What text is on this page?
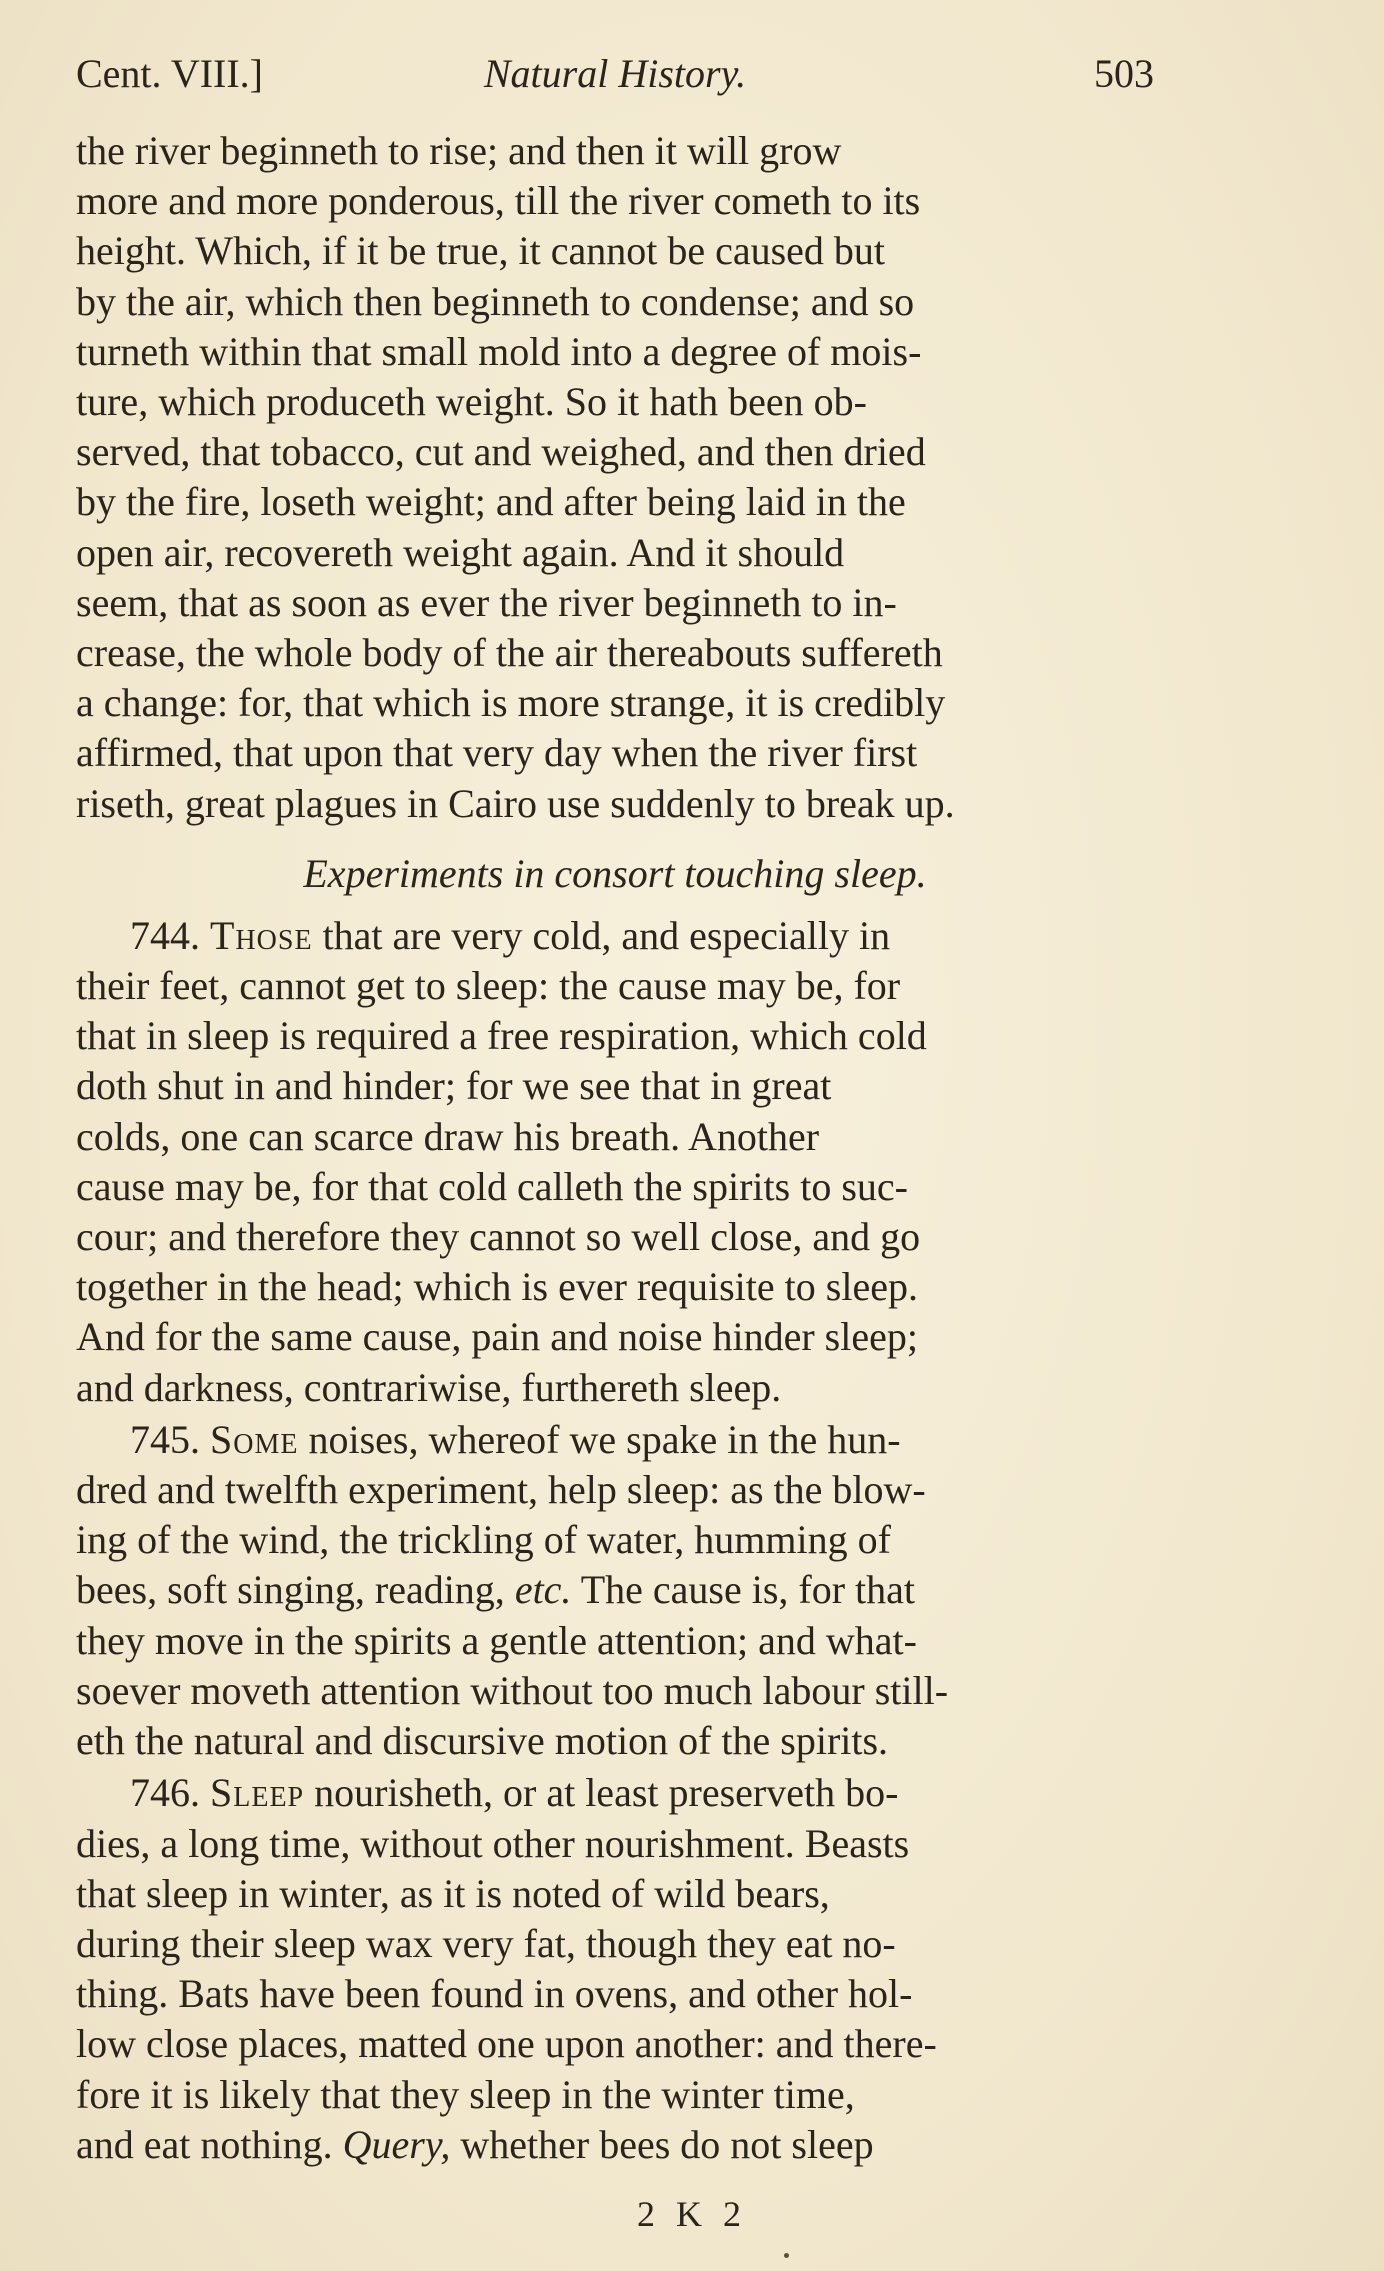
Cent. VIII.]	Natural History.	503
the river beginneth to rise; and then it will grow
more and more ponderous, till the river cometh to its
height. Which, if it be true, it cannot be caused but
by the air, which then beginneth to condense; and so
turneth within that small mold into a degree of mois-
ture, which produceth weight. So it hath been ob-
served, that tobacco, cut and weighed, and then dried
by the fire, loseth weight; and after being laid in the
open air, recovereth weight again. And it should
seem, that as soon as ever the river beginneth to in-
crease, the whole body of the air thereabouts suffereth
a change: for, that which is more strange, it is credibly
affirmed, that upon that very day when the river first
riseth, great plagues in Cairo use suddenly to break up.
Experiments in consort touching sleep.
744. Those that are very cold, and especially in
their feet, cannot get to sleep: the cause may be, for
that in sleep is required a free respiration, which cold
doth shut in and hinder; for we see that in great
colds, one can scarce draw his breath. Another
cause may be, for that cold calleth the spirits to suc-
cour; and therefore they cannot so well close, and go
together in the head; which is ever requisite to sleep.
And for the same cause, pain and noise hinder sleep;
and darkness, contrariwise, furthereth sleep.
745. Some noises, whereof we spake in the hun-
dred and twelfth experiment, help sleep: as the blow-
ing of the wind, the trickling of water, humming of
bees, soft singing, reading, etc. The cause is, for that
they move in the spirits a gentle attention; and what-
soever moveth attention without too much labour still-
eth the natural and discursive motion of the spirits.
746. Sleep nourisheth, or at least preserveth bo-
dies, a long time, without other nourishment. Beasts
that sleep in winter, as it is noted of wild bears,
during their sleep wax very fat, though they eat no-
thing. Bats have been found in ovens, and other hol-
low close places, matted one upon another: and there-
fore it is likely that they sleep in the winter time,
and eat nothing. Query, whether bees do not sleep
2 K 2
